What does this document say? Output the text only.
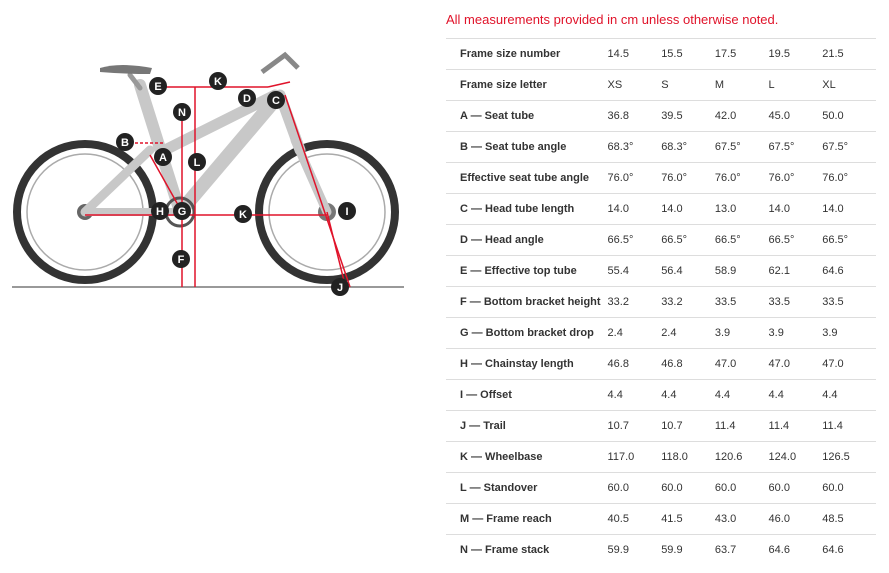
E	K
D C
N
B
A L
H G	K	I
F
J
All measurements provided in cm unless otherwise noted.
Frame size number	14.5	15.5	17.5	19.5	21.5
Frame size letter	XS	S	M	L	XL
A — Seat tube	36.8	39.5	42.0	45.0	50.0
B — Seat tube angle	68.3°	68.3°	67.5°	67.5°	67.5°
Effective seat tube angle	76.0°	76.0°	76.0°	76.0°	76.0°
C — Head tube length	14.0	14.0	13.0	14.0	14.0
D — Head angle	66.5°	66.5°	66.5°	66.5°	66.5°
E — Effective top tube	55.4	56.4	58.9	62.1	64.6
F — Bottom bracket height	33.2	33.2	33.5	33.5	33.5
G — Bottom bracket drop	2.4	2.4	3.9	3.9	3.9
H — Chainstay length	46.8	46.8	47.0	47.0	47.0
I — Offset	4.4	4.4	4.4	4.4	4.4
J — Trail	10.7	10.7	11.4	11.4	11.4
K — Wheelbase	117.0	118.0	120.6	124.0	126.5
L — Standover	60.0	60.0	60.0	60.0	60.0
M — Frame reach	40.5	41.5	43.0	46.0	48.5
N — Frame stack	59.9	59.9	63.7	64.6	64.6
